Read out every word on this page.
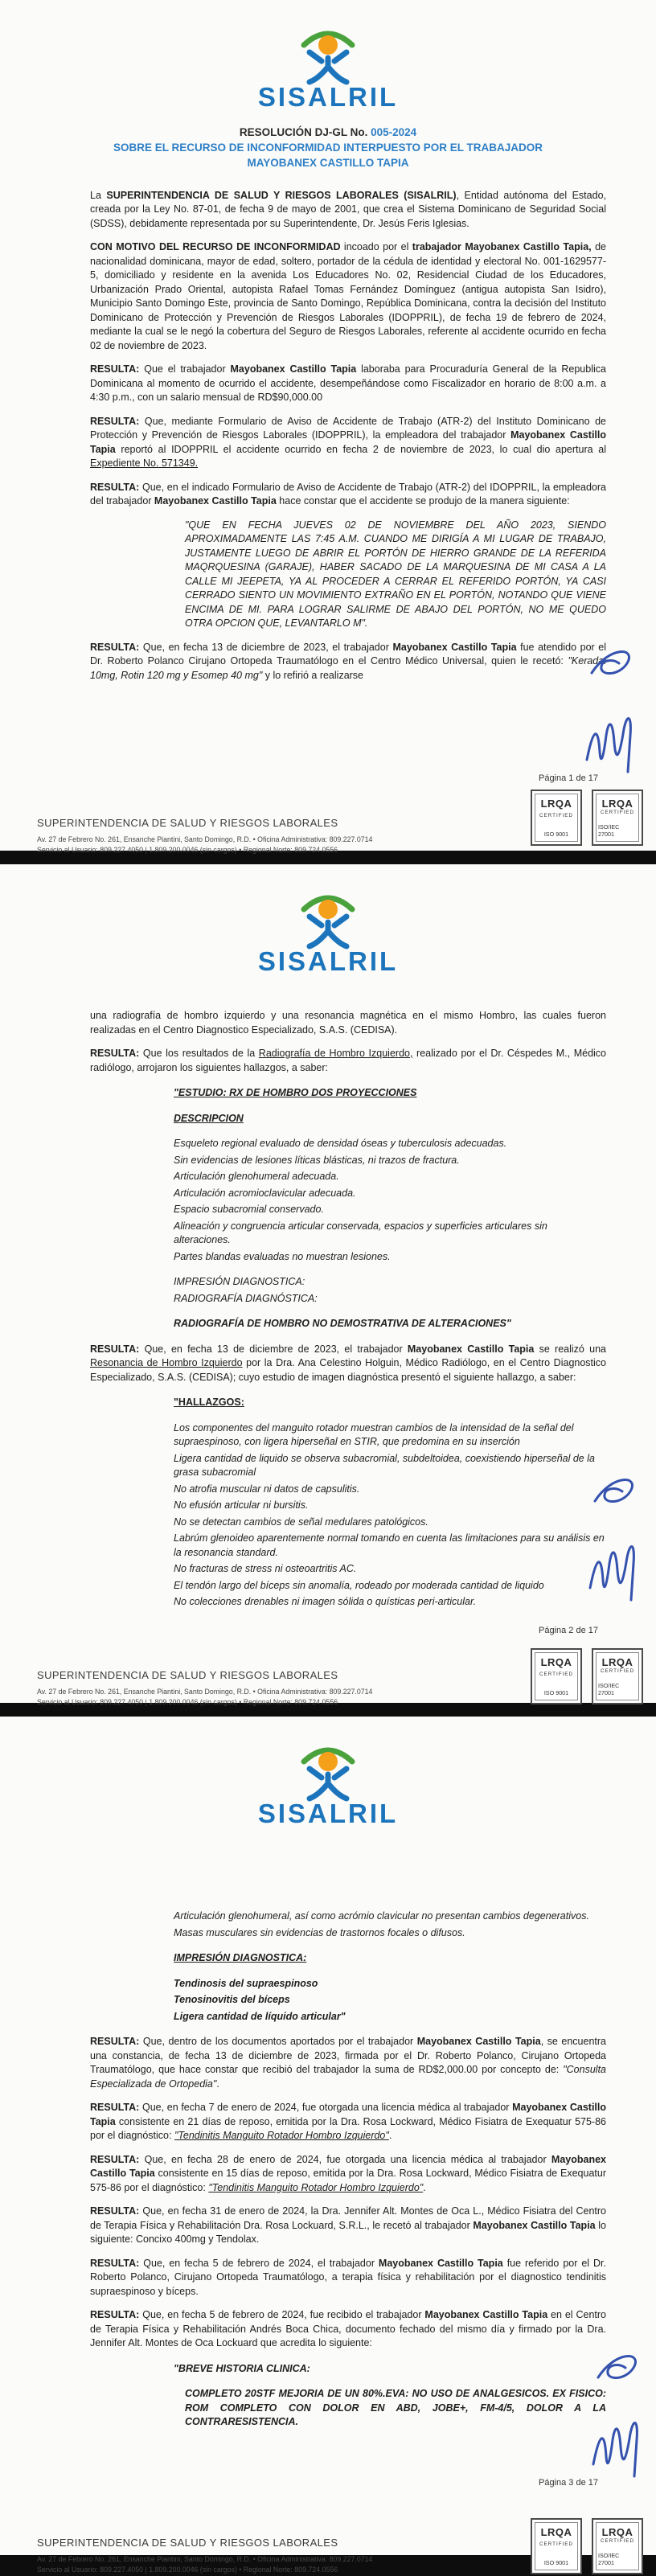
SISALRIL
RESOLUCIÓN DJ-GL No. 005-2024
SOBRE EL RECURSO DE INCONFORMIDAD INTERPUESTO POR EL TRABAJADOR MAYOBANEX CASTILLO TAPIA
La SUPERINTENDENCIA DE SALUD Y RIESGOS LABORALES (SISALRIL), Entidad autónoma del Estado, creada por la Ley No. 87-01, de fecha 9 de mayo de 2001, que crea el Sistema Dominicano de Seguridad Social (SDSS), debidamente representada por su Superintendente, Dr. Jesús Feris Iglesias.
CON MOTIVO DEL RECURSO DE INCONFORMIDAD incoado por el trabajador Mayobanex Castillo Tapia, de nacionalidad dominicana, mayor de edad, soltero, portador de la cédula de identidad y electoral No. 001-1629577-5, domiciliado y residente en la avenida Los Educadores No. 02, Residencial Ciudad de los Educadores, Urbanización Prado Oriental, autopista Rafael Tomas Fernández Domínguez (antigua autopista San Isidro), Municipio Santo Domingo Este, provincia de Santo Domingo, República Dominicana, contra la decisión del Instituto Dominicano de Protección y Prevención de Riesgos Laborales (IDOPPRIL), de fecha 19 de febrero de 2024, mediante la cual se le negó la cobertura del Seguro de Riesgos Laborales, referente al accidente ocurrido en fecha 02 de noviembre de 2023.
RESULTA: Que el trabajador Mayobanex Castillo Tapia laboraba para Procuraduría General de la Republica Dominicana al momento de ocurrido el accidente, desempeñándose como Fiscalizador en horario de 8:00 a.m. a 4:30 p.m., con un salario mensual de RD$90,000.00
RESULTA: Que, mediante Formulario de Aviso de Accidente de Trabajo (ATR-2) del Instituto Dominicano de Protección y Prevención de Riesgos Laborales (IDOPPRIL), la empleadora del trabajador Mayobanex Castillo Tapia reportó al IDOPPRIL el accidente ocurrido en fecha 2 de noviembre de 2023, lo cual dio apertura al Expediente No. 571349.
RESULTA: Que, en el indicado Formulario de Aviso de Accidente de Trabajo (ATR-2) del IDOPPRIL, la empleadora del trabajador Mayobanex Castillo Tapia hace constar que el accidente se produjo de la manera siguiente:
"QUE EN FECHA JUEVES 02 DE NOVIEMBRE DEL AÑO 2023, SIENDO APROXIMADAMENTE LAS 7:45 A.M. CUANDO ME DIRIGÍA A MI LUGAR DE TRABAJO, JUSTAMENTE LUEGO DE ABRIR EL PORTÓN DE HIERRO GRANDE DE LA REFERIDA MAQRQUESINA (GARAJE), HABER SACADO DE LA MARQUESINA DE MI CASA A LA CALLE MI JEEPETA, YA AL PROCEDER A CERRAR EL REFERIDO PORTÓN, YA CASI CERRADO SIENTO UN MOVIMIENTO EXTRAÑO EN EL PORTÓN, NOTANDO QUE VIENE ENCIMA DE MI. PARA LOGRAR SALIRME DE ABAJO DEL PORTÓN, NO ME QUEDO OTRA OPCION QUE, LEVANTARLO M".
RESULTA: Que, en fecha 13 de diciembre de 2023, el trabajador Mayobanex Castillo Tapia fue atendido por el Dr. Roberto Polanco Cirujano Ortopeda Traumatólogo en el Centro Médico Universal, quien le recetó: "Keradal 10mg, Rotin 120 mg y Esomep 40 mg" y lo refirió a realizarse
Página 1 de 17
SUPERINTENDENCIA DE SALUD Y RIESGOS LABORALES
Av. 27 de Febrero No. 261, Ensanche Piantini, Santo Domingo, R.D. • Oficina Administrativa: 809.227.0714
Servicio al Usuario: 809.227.4050 | 1.809.200.0046 (sin cargos) • Regional Norte: 809.724.0556
LRQA
CERTIFIED
ISO 9001
LRQA
CERTIFIED
ISO/IEC 27001
SISALRIL
una radiografía de hombro izquierdo y una resonancia magnética en el mismo Hombro, las cuales fueron realizadas en el Centro Diagnostico Especializado, S.A.S. (CEDISA).
RESULTA: Que los resultados de la Radiografía de Hombro Izquierdo, realizado por el Dr. Céspedes M., Médico radiólogo, arrojaron los siguientes hallazgos, a saber:
"ESTUDIO: RX DE HOMBRO DOS PROYECCIONES
DESCRIPCION
Esqueleto regional evaluado de densidad óseas y tuberculosis adecuadas.
Sin evidencias de lesiones líticas blásticas, ni trazos de fractura.
Articulación glenohumeral adecuada.
Articulación acromioclavicular adecuada.
Espacio subacromial conservado.
Alineación y congruencia articular conservada, espacios y superficies articulares sin alteraciones.
Partes blandas evaluadas no muestran lesiones.
IMPRESIÓN DIAGNOSTICA:
RADIOGRAFÍA DIAGNÓSTICA:
RADIOGRAFÍA DE HOMBRO NO DEMOSTRATIVA DE ALTERACIONES"
RESULTA: Que, en fecha 13 de diciembre de 2023, el trabajador Mayobanex Castillo Tapia se realizó una Resonancia de Hombro Izquierdo por la Dra. Ana Celestino Holguin, Médico Radiólogo, en el Centro Diagnostico Especializado, S.A.S. (CEDISA); cuyo estudio de imagen diagnóstica presentó el siguiente hallazgo, a saber:
"HALLAZGOS:
Los componentes del manguito rotador muestran cambios de la intensidad de la señal del supraespinoso, con ligera hiperseñal en STIR, que predomina en su inserción
Ligera cantidad de liquido se observa subacromial, subdeltoidea, coexistiendo hiperseñal de la grasa subacromial
No atrofia muscular ni datos de capsulitis.
No efusión articular ni bursitis.
No se detectan cambios de señal medulares patológicos.
Labrúm glenoideo aparentemente normal tomando en cuenta las limitaciones para su análisis en la resonancia standard.
No fracturas de stress ni osteoartritis AC.
El tendón largo del bíceps sin anomalía, rodeado por moderada cantidad de liquido
No colecciones drenables ni imagen sólida o quísticas peri-articular.
Página 2 de 17
SUPERINTENDENCIA DE SALUD Y RIESGOS LABORALES
Av. 27 de Febrero No. 261, Ensanche Piantini, Santo Domingo, R.D. • Oficina Administrativa: 809.227.0714
Servicio al Usuario: 809.227.4050 | 1.809.200.0046 (sin cargos) • Regional Norte: 809.724.0556
LRQA
CERTIFIED
ISO 9001
LRQA
CERTIFIED
ISO/IEC 27001
SISALRIL
Articulación glenohumeral, así como acrómio clavicular no presentan cambios degenerativos.
Masas musculares sin evidencias de trastornos focales o difusos.
IMPRESIÓN DIAGNOSTICA:
Tendinosis del supraespinoso
Tenosinovitis del bíceps
Ligera cantidad de líquido articular"
RESULTA: Que, dentro de los documentos aportados por el trabajador Mayobanex Castillo Tapia, se encuentra una constancia, de fecha 13 de diciembre de 2023, firmada por el Dr. Roberto Polanco, Cirujano Ortopeda Traumatólogo, que hace constar que recibió del trabajador la suma de RD$2,000.00 por concepto de: "Consulta Especializada de Ortopedia".
RESULTA: Que, en fecha 7 de enero de 2024, fue otorgada una licencia médica al trabajador Mayobanex Castillo Tapia consistente en 21 días de reposo, emitida por la Dra. Rosa Lockward, Médico Fisiatra de Exequatur 575-86 por el diagnóstico: "Tendinitis Manguito Rotador Hombro Izquierdo".
RESULTA: Que, en fecha 28 de enero de 2024, fue otorgada una licencia médica al trabajador Mayobanex Castillo Tapia consistente en 15 días de reposo, emitida por la Dra. Rosa Lockward, Médico Fisiatra de Exequatur 575-86 por el diagnóstico: "Tendinitis Manguito Rotador Hombro Izquierdo".
RESULTA: Que, en fecha 31 de enero de 2024, la Dra. Jennifer Alt. Montes de Oca L., Médico Fisiatra del Centro de Terapia Física y Rehabilitación Dra. Rosa Lockuard, S.R.L., le recetó al trabajador Mayobanex Castillo Tapia lo siguiente: Concixo 400mg y Tendolax.
RESULTA: Que, en fecha 5 de febrero de 2024, el trabajador Mayobanex Castillo Tapia fue referido por el Dr. Roberto Polanco, Cirujano Ortopeda Traumatólogo, a terapia física y rehabilitación por el diagnostico tendinitis supraespinoso y bíceps.
RESULTA: Que, en fecha 5 de febrero de 2024, fue recibido el trabajador Mayobanex Castillo Tapia en el Centro de Terapia Física y Rehabilitación Andrés Boca Chica, documento fechado del mismo día y firmado por la Dra. Jennifer Alt. Montes de Oca Lockuard que acredita lo siguiente:
"BREVE HISTORIA CLINICA:
COMPLETO 20STF MEJORIA DE UN 80%.EVA: NO USO DE ANALGESICOS. EX FISICO: ROM COMPLETO CON DOLOR EN ABD, JOBE+, FM-4/5, DOLOR A LA CONTRARESISTENCIA.
Página 3 de 17
SUPERINTENDENCIA DE SALUD Y RIESGOS LABORALES
Av. 27 de Febrero No. 261, Ensanche Piantini, Santo Domingo, R.D. • Oficina Administrativa: 809.227.0714
Servicio al Usuario: 809.227.4050 | 1.809.200.0046 (sin cargos) • Regional Norte: 809.724.0556
LRQA
CERTIFIED
ISO 9001
LRQA
CERTIFIED
ISO/IEC 27001
